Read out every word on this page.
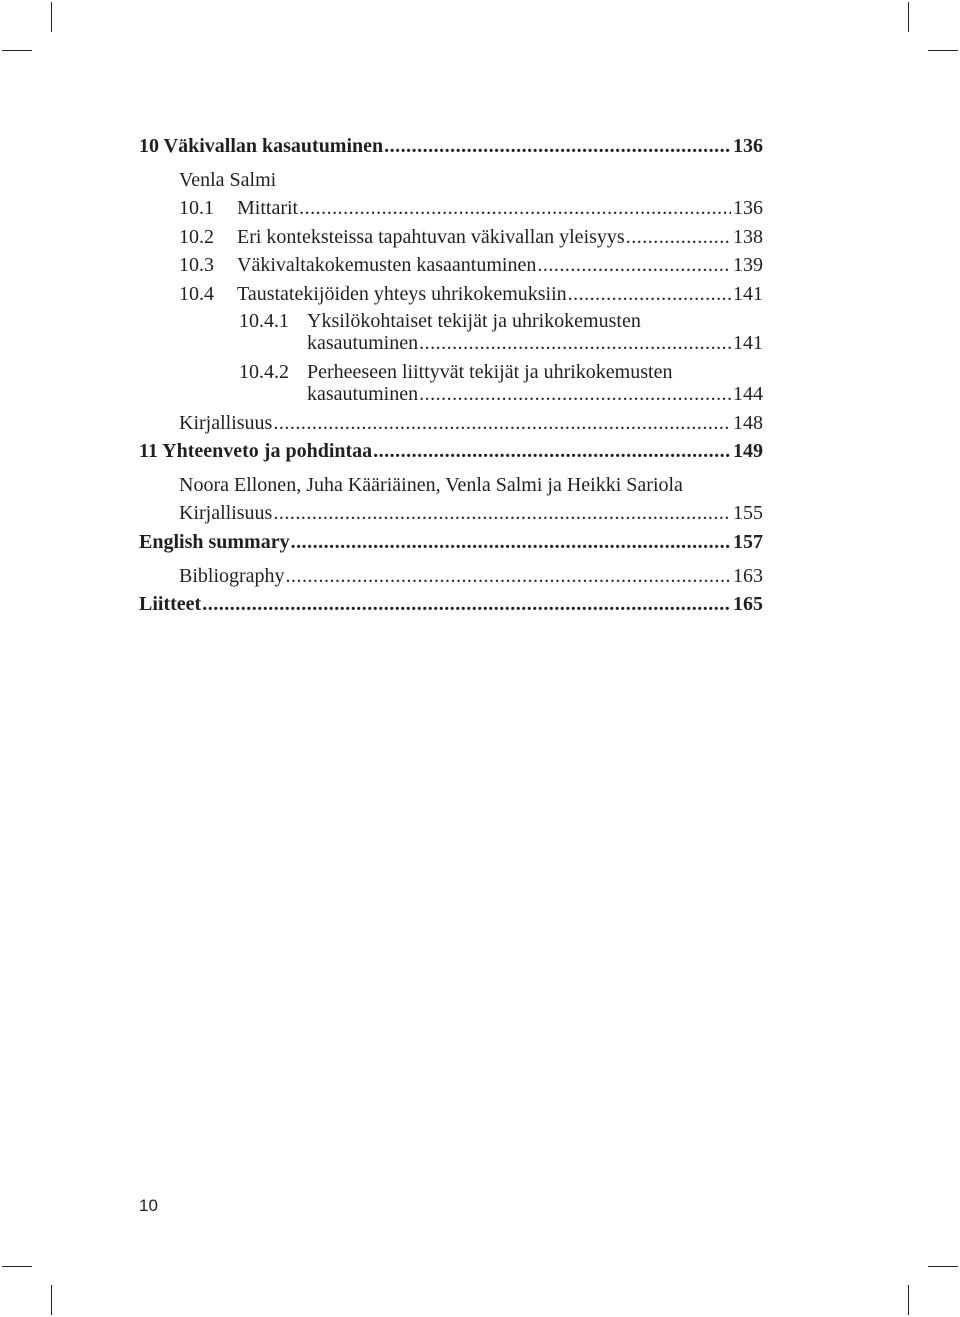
10 Väkivallan kasautuminen .....	136
Venla Salmi
10.1	Mittarit .....	136
10.2	Eri konteksteissa tapahtuvan väkivallan yleisyys .....	138
10.3	Väkivaltakokemusten kasaantuminen .....	139
10.4	Taustatekijöiden yhteys uhrikokemuksiin .....	141
10.4.1 Yksilökohtaiset tekijät ja uhrikokemusten
kasautuminen .....	141
10.4.2 Perheeseen liittyvät tekijät ja uhrikokemusten
kasautuminen .....	144
Kirjallisuus .....	148
11 Yhteenveto ja pohdintaa .....	149
Noora Ellonen, Juha Kääriäinen, Venla Salmi ja Heikki Sariola
Kirjallisuus .....	155
English summary .....	157
Bibliography .....	163
Liitteet .....	165
10
